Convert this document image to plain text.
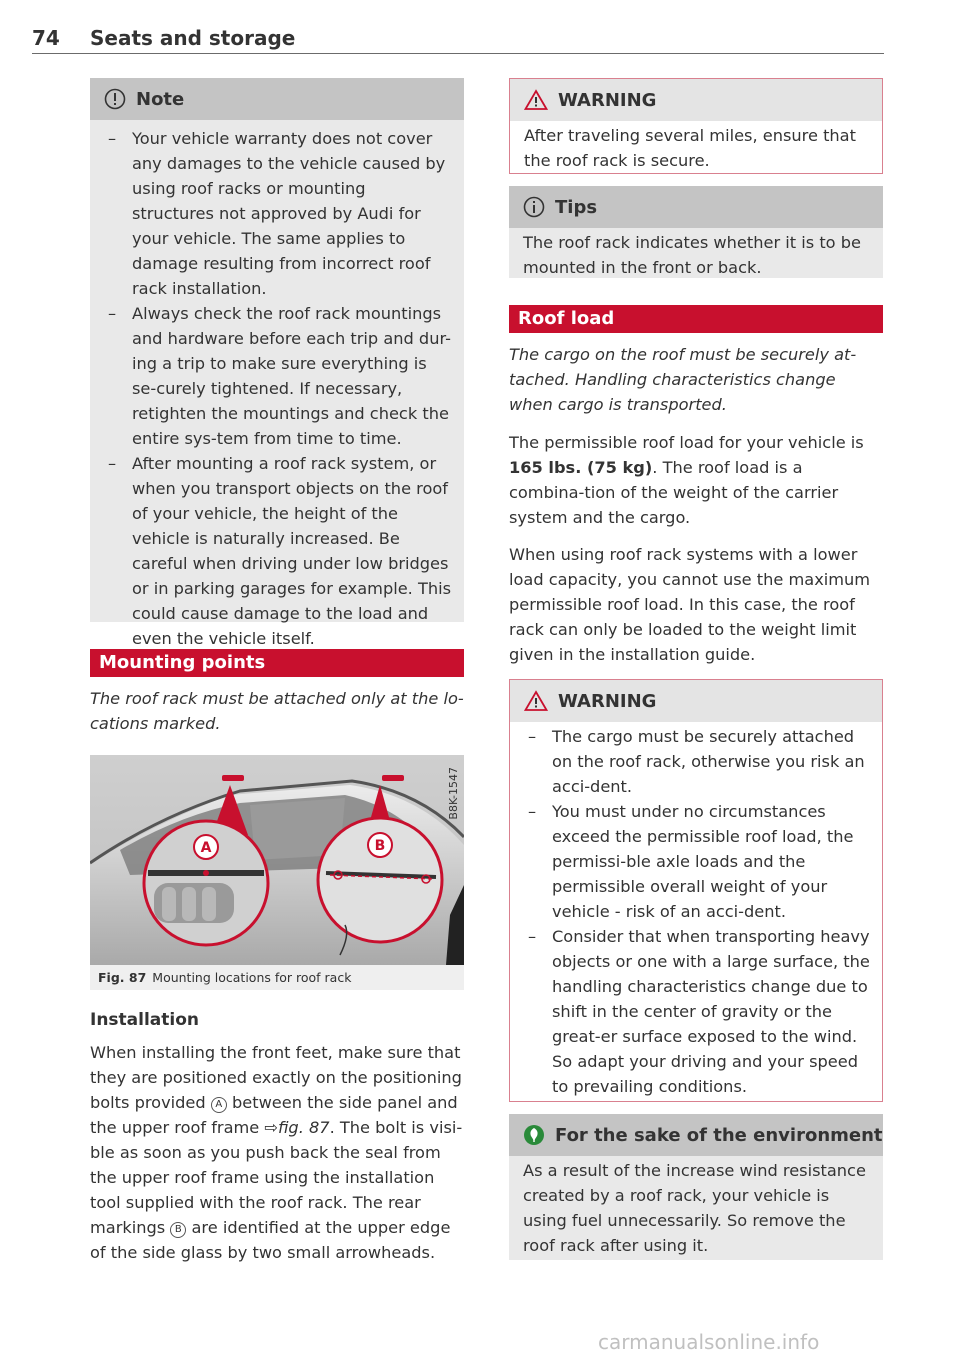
74 Seats and storage
Note
– Your vehicle warranty does not cover any damages to the vehicle caused by using roof racks or mounting structures not approved by Audi for your vehicle. The same applies to damage resulting from incorrect roof rack installation.
– Always check the roof rack mountings and hardware before each trip and dur-ing a trip to make sure everything is se-curely tightened. If necessary, retighten the mountings and check the entire sys-tem from time to time.
– After mounting a roof rack system, or when you transport objects on the roof of your vehicle, the height of the vehicle is naturally increased. Be careful when driving under low bridges or in parking garages for example. This could cause damage to the load and even the vehicle itself.
Mounting points

The roof rack must be attached only at the lo-cations marked.

A	B
B8K-1547
Fig. 87 Mounting locations for roof rack
Installation

When installing the front feet, make sure that they are positioned exactly on the positioning bolts provided A between the side panel and the upper roof frame ⇨fig. 87. The bolt is visi-ble as soon as you push back the seal from the upper roof frame using the installation tool supplied with the roof rack. The rear markings B are identified at the upper edge of the side glass by two small arrowheads.

WARNING
After traveling several miles, ensure that the roof rack is secure.
Tips
The roof rack indicates whether it is to be mounted in the front or back.
Roof load

The cargo on the roof must be securely at-tached. Handling characteristics change when cargo is transported.

The permissible roof load for your vehicle is 165 lbs. (75 kg). The roof load is a combina-tion of the weight of the carrier system and the cargo.

When using roof rack systems with a lower load capacity, you cannot use the maximum permissible roof load. In this case, the roof rack can only be loaded to the weight limit given in the installation guide.

WARNING
– The cargo must be securely attached on the roof rack, otherwise you risk an acci-dent.
– You must under no circumstances exceed the permissible roof load, the permissi-ble axle loads and the permissible overall weight of your vehicle - risk of an acci-dent.
– Consider that when transporting heavy objects or one with a large surface, the handling characteristics change due to shift in the center of gravity or the great-er surface exposed to the wind. So adapt your driving and your speed to prevailing conditions.
For the sake of the environment
As a result of the increase wind resistance created by a roof rack, your vehicle is using fuel unnecessarily. So remove the roof rack after using it.
carmanualsonline.info
